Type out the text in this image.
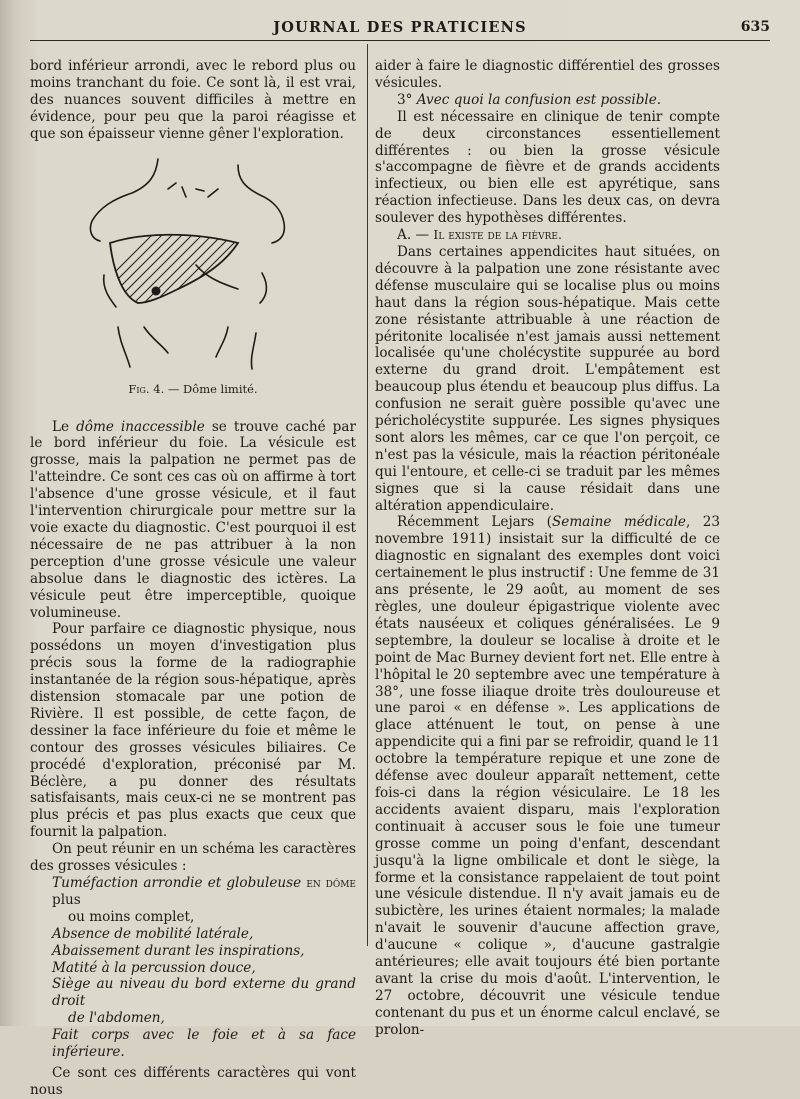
JOURNAL DES PRATICIENS	635

bord inférieur arrondi, avec le rebord plus ou moins tranchant du foie. Ce sont là, il est vrai, des nuances souvent difficiles à mettre en évidence, pour peu que la paroi réagisse et que son épaisseur vienne gêner l'exploration.

Fig. 4. — Dôme limité.

Le dôme inaccessible se trouve caché par le bord inférieur du foie. La vésicule est grosse, mais la palpation ne permet pas de l'atteindre. Ce sont ces cas où on affirme à tort l'absence d'une grosse vésicule, et il faut l'intervention chirurgicale pour mettre sur la voie exacte du diagnostic. C'est pourquoi il est nécessaire de ne pas attribuer à la non perception d'une grosse vésicule une valeur absolue dans le diagnostic des ictères. La vésicule peut être imperceptible, quoique volumineuse.

Pour parfaire ce diagnostic physique, nous possédons un moyen d'investigation plus précis sous la forme de la radiographie instantanée de la région sous-hépatique, après distension stomacale par une potion de Rivière. Il est possible, de cette façon, de dessiner la face inférieure du foie et même le contour des grosses vésicules biliaires. Ce procédé d'exploration, préconisé par M. Béclère, a pu donner des résultats satisfaisants, mais ceux-ci ne se montrent pas plus précis et pas plus exacts que ceux que fournit la palpation.

On peut réunir en un schéma les caractères des grosses vésicules :

Tuméfaction arrondie et globuleuse en dôme plus
ou moins complet,
Absence de mobilité latérale,
Abaissement durant les inspirations,
Matité à la percussion douce,
Siège au niveau du bord externe du grand droit
de l'abdomen,
Fait corps avec le foie et à sa face inférieure.

Ce sont ces différents caractères qui vont nous

aider à faire le diagnostic différentiel des grosses vésicules.

3° Avec quoi la confusion est possible.

Il est nécessaire en clinique de tenir compte de deux circonstances essentiellement différentes : ou bien la grosse vésicule s'accompagne de fièvre et de grands accidents infectieux, ou bien elle est apyrétique, sans réaction infectieuse. Dans les deux cas, on devra soulever des hypothèses différentes.

A. — Il existe de la fièvre.

Dans certaines appendicites haut situées, on découvre à la palpation une zone résistante avec défense musculaire qui se localise plus ou moins haut dans la région sous-hépatique. Mais cette zone résistante attribuable à une réaction de péritonite localisée n'est jamais aussi nettement localisée qu'une cholécystite suppurée au bord externe du grand droit. L'empâtement est beaucoup plus étendu et beaucoup plus diffus. La confusion ne serait guère possible qu'avec une péricholécystite suppurée. Les signes physiques sont alors les mêmes, car ce que l'on perçoit, ce n'est pas la vésicule, mais la réaction péritonéale qui l'entoure, et celle-ci se traduit par les mêmes signes que si la cause résidait dans une altération appendiculaire.

Récemment Lejars (Semaine médicale, 23 novembre 1911) insistait sur la difficulté de ce diagnostic en signalant des exemples dont voici certainement le plus instructif : Une femme de 31 ans présente, le 29 août, au moment de ses règles, une douleur épigastrique violente avec états nauséeux et coliques généralisées. Le 9 septembre, la douleur se localise à droite et le point de Mac Burney devient fort net. Elle entre à l'hôpital le 20 septembre avec une température à 38°, une fosse iliaque droite très douloureuse et une paroi « en défense ». Les applications de glace atténuent le tout, on pense à une appendicite qui a fini par se refroidir, quand le 11 octobre la température repique et une zone de défense avec douleur apparaît nettement, cette fois-ci dans la région vésiculaire. Le 18 les accidents avaient disparu, mais l'exploration continuait à accuser sous le foie une tumeur grosse comme un poing d'enfant, descendant jusqu'à la ligne ombilicale et dont le siège, la forme et la consistance rappelaient de tout point une vésicule distendue. Il n'y avait jamais eu de subictère, les urines étaient normales; la malade n'avait le souvenir d'aucune affection grave, d'aucune « colique », d'aucune gastralgie antérieures; elle avait toujours été bien portante avant la crise du mois d'août. L'intervention, le 27 octobre, découvrit une vésicule tendue contenant du pus et un énorme calcul enclavé, se prolon-
